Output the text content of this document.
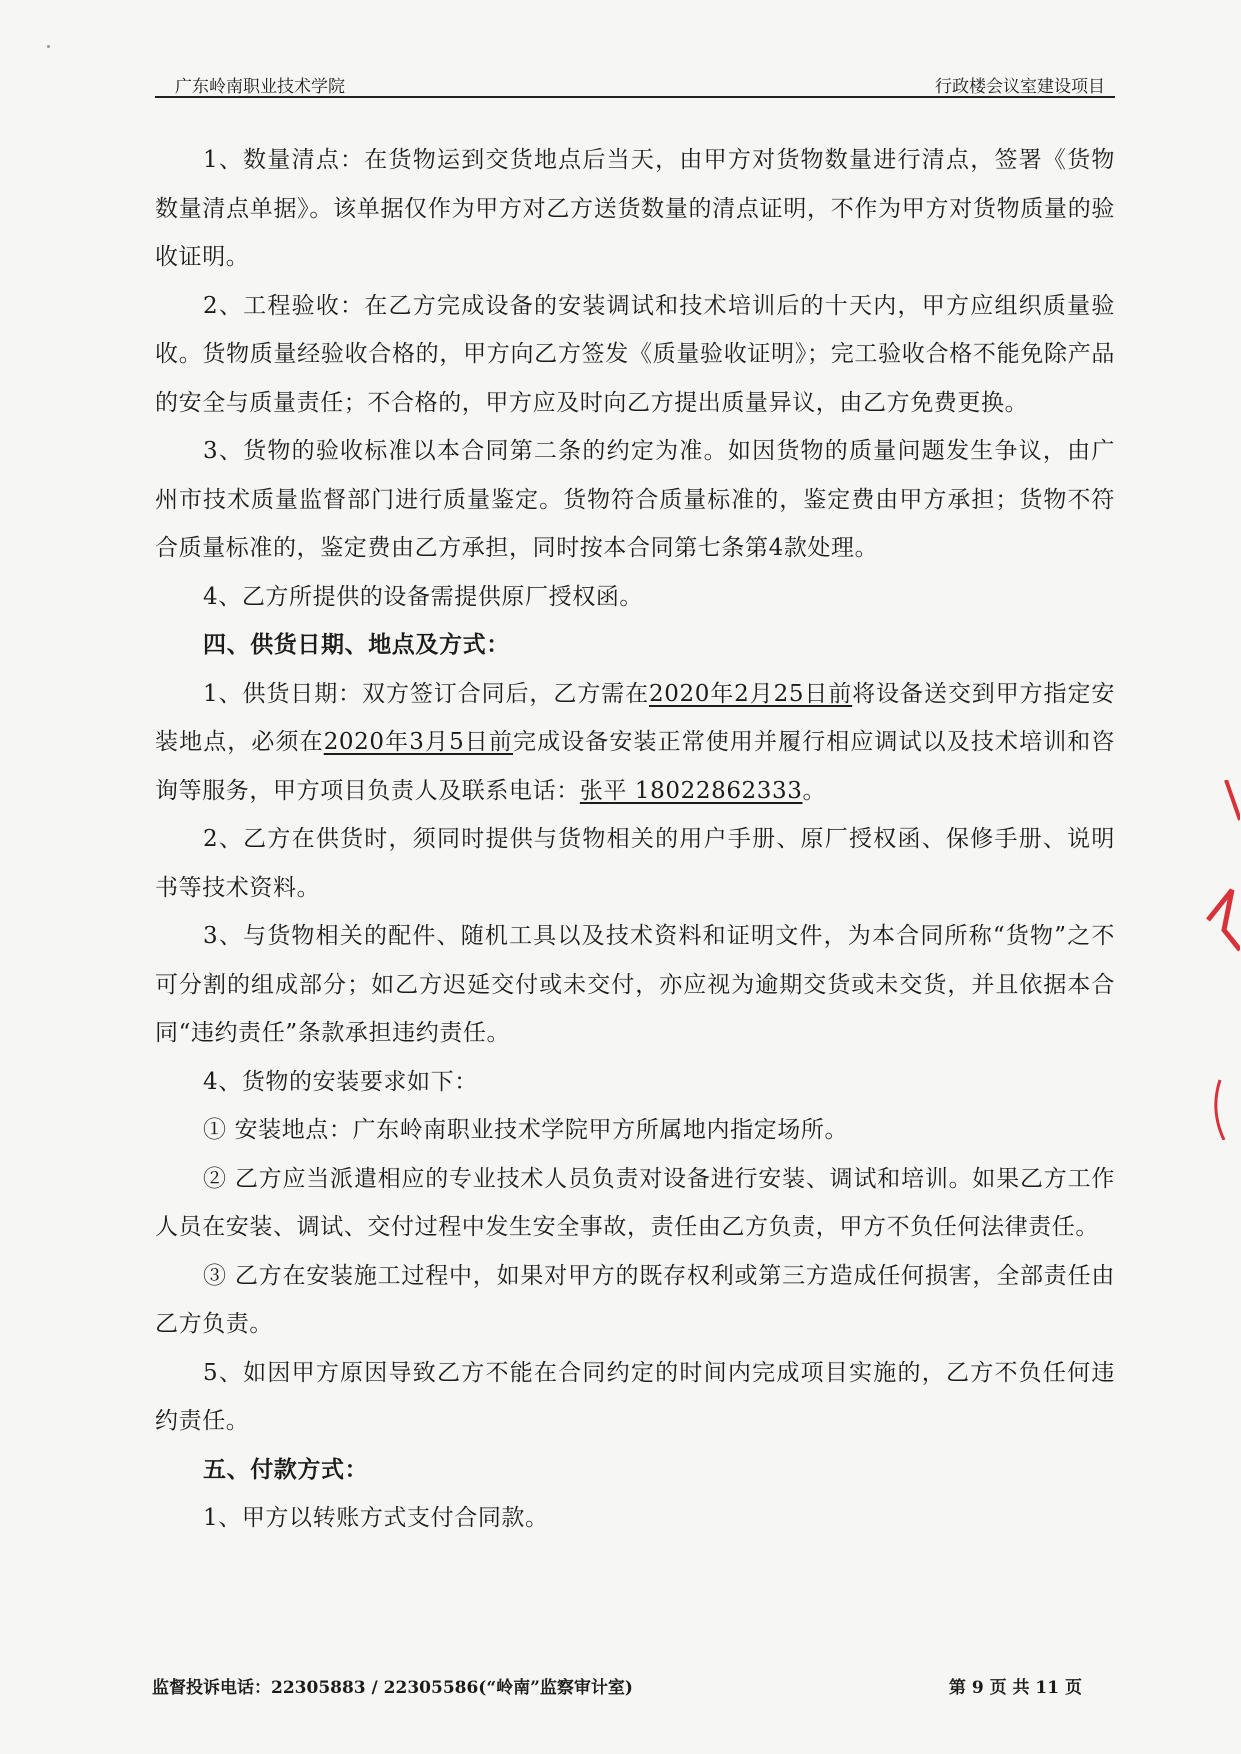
广东岭南职业技术学院	行政楼会议室建设项目

1、数量清点：在货物运到交货地点后当天，由甲方对货物数量进行清点，签署《货物数量清点单据》。该单据仅作为甲方对乙方送货数量的清点证明，不作为甲方对货物质量的验收证明。

2、工程验收：在乙方完成设备的安装调试和技术培训后的十天内，甲方应组织质量验收。货物质量经验收合格的，甲方向乙方签发《质量验收证明》；完工验收合格不能免除产品的安全与质量责任；不合格的，甲方应及时向乙方提出质量异议，由乙方免费更换。

3、货物的验收标准以本合同第二条的约定为准。如因货物的质量问题发生争议，由广州市技术质量监督部门进行质量鉴定。货物符合质量标准的，鉴定费由甲方承担；货物不符合质量标准的，鉴定费由乙方承担，同时按本合同第七条第4款处理。

4、乙方所提供的设备需提供原厂授权函。

四、供货日期、地点及方式：

1、供货日期：双方签订合同后，乙方需在2020年2月25日前将设备送交到甲方指定安装地点，必须在2020年3月5日前完成设备安装正常使用并履行相应调试以及技术培训和咨询等服务，甲方项目负责人及联系电话：张平 18022862333。

2、乙方在供货时，须同时提供与货物相关的用户手册、原厂授权函、保修手册、说明书等技术资料。

3、与货物相关的配件、随机工具以及技术资料和证明文件，为本合同所称“货物”之不可分割的组成部分；如乙方迟延交付或未交付，亦应视为逾期交货或未交货，并且依据本合同“违约责任”条款承担违约责任。

4、货物的安装要求如下：

① 安装地点：广东岭南职业技术学院甲方所属地内指定场所。

② 乙方应当派遣相应的专业技术人员负责对设备进行安装、调试和培训。如果乙方工作人员在安装、调试、交付过程中发生安全事故，责任由乙方负责，甲方不负任何法律责任。

③ 乙方在安装施工过程中，如果对甲方的既存权利或第三方造成任何损害，全部责任由乙方负责。

5、如因甲方原因导致乙方不能在合同约定的时间内完成项目实施的，乙方不负任何违约责任。

五、付款方式：

1、甲方以转账方式支付合同款。

监督投诉电话：22305883 / 22305586(“岭南”监察审计室)	第 9 页 共 11 页
